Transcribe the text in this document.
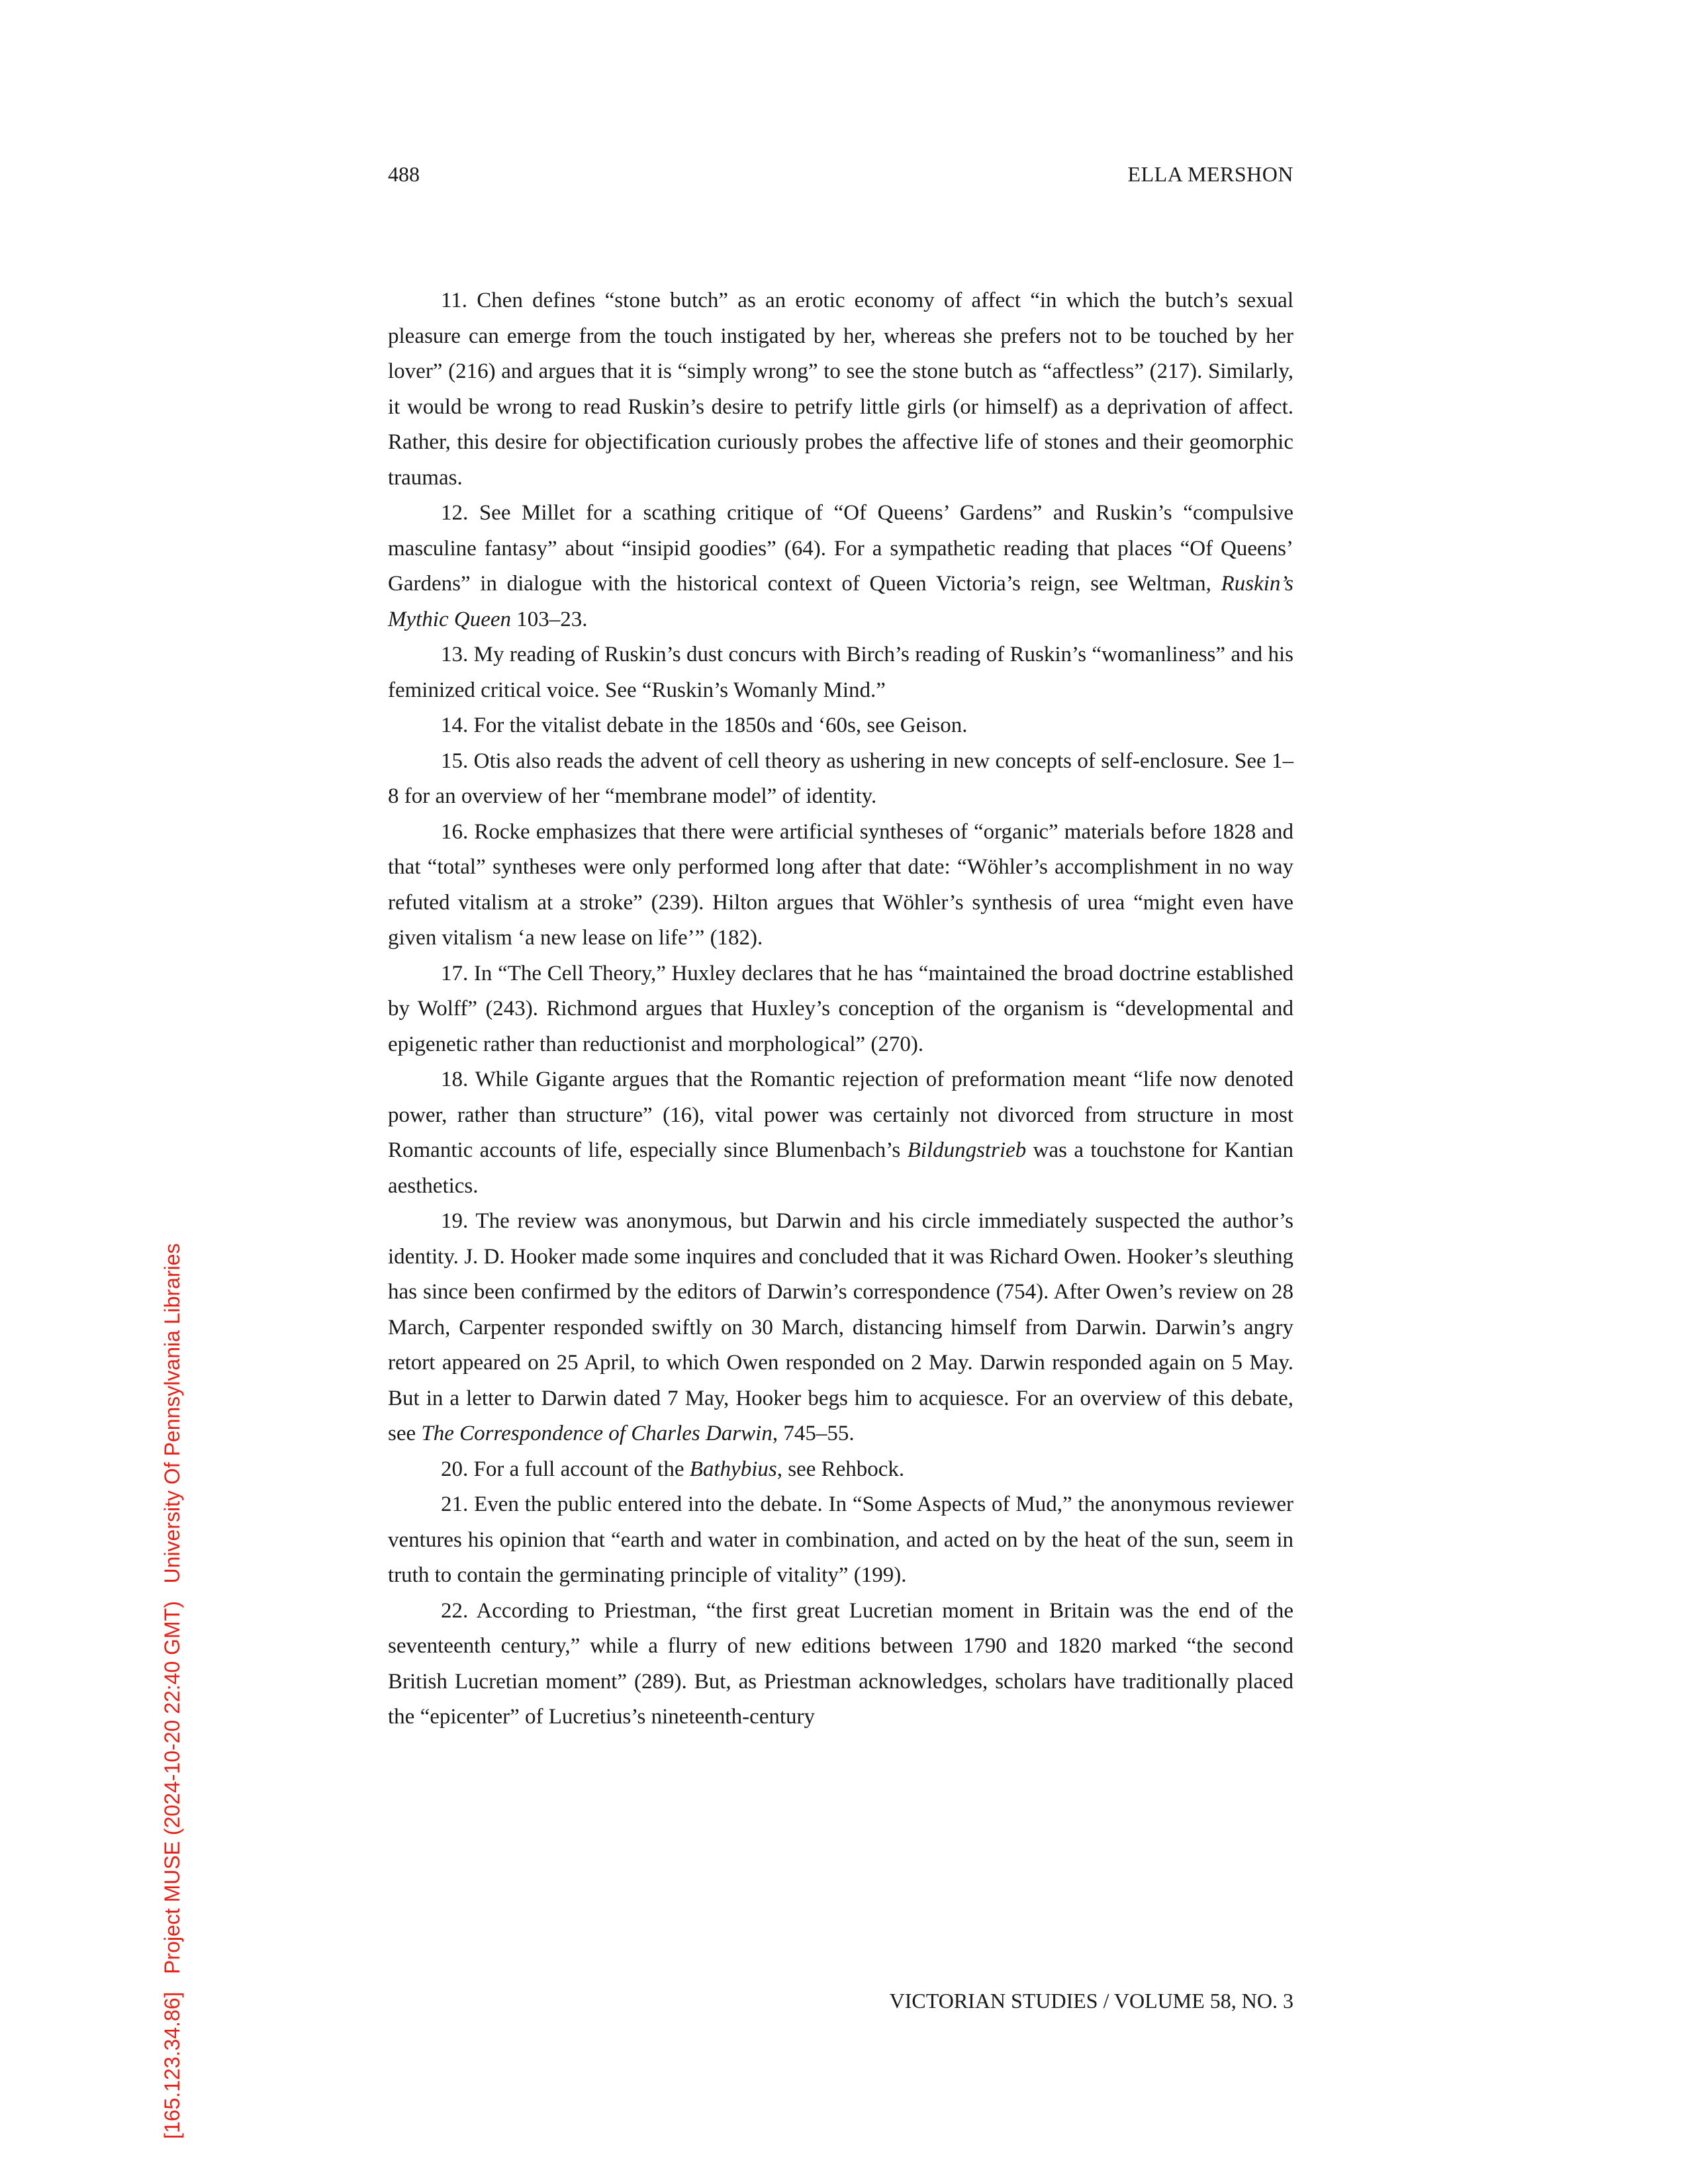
488	ELLA MERSHON

11. Chen defines “stone butch” as an erotic economy of affect “in which the butch’s sexual pleasure can emerge from the touch instigated by her, whereas she prefers not to be touched by her lover” (216) and argues that it is “simply wrong” to see the stone butch as “affectless” (217). Similarly, it would be wrong to read Ruskin’s desire to petrify little girls (or himself) as a deprivation of affect. Rather, this desire for objectification curiously probes the affective life of stones and their geomorphic traumas.

12. See Millet for a scathing critique of “Of Queens’ Gardens” and Ruskin’s “compulsive masculine fantasy” about “insipid goodies” (64). For a sympathetic reading that places “Of Queens’ Gardens” in dialogue with the historical context of Queen Victoria’s reign, see Weltman, Ruskin’s Mythic Queen 103–23.

13. My reading of Ruskin’s dust concurs with Birch’s reading of Ruskin’s “womanliness” and his feminized critical voice. See “Ruskin’s Womanly Mind.”

14. For the vitalist debate in the 1850s and ‘60s, see Geison.

15. Otis also reads the advent of cell theory as ushering in new concepts of self-enclosure. See 1–8 for an overview of her “membrane model” of identity.

16. Rocke emphasizes that there were artificial syntheses of “organic” materials before 1828 and that “total” syntheses were only performed long after that date: “Wöhler’s accomplishment in no way refuted vitalism at a stroke” (239). Hilton argues that Wöhler’s synthesis of urea “might even have given vitalism ‘a new lease on life’” (182).

17. In “The Cell Theory,” Huxley declares that he has “maintained the broad doctrine established by Wolff” (243). Richmond argues that Huxley’s conception of the organism is “developmental and epigenetic rather than reductionist and morphological” (270).

18. While Gigante argues that the Romantic rejection of preformation meant “life now denoted power, rather than structure” (16), vital power was certainly not divorced from structure in most Romantic accounts of life, especially since Blumenbach’s Bildungstrieb was a touchstone for Kantian aesthetics.

19. The review was anonymous, but Darwin and his circle immediately suspected the author’s identity. J. D. Hooker made some inquires and concluded that it was Richard Owen. Hooker’s sleuthing has since been confirmed by the editors of Darwin’s correspondence (754). After Owen’s review on 28 March, Carpenter responded swiftly on 30 March, distancing himself from Darwin. Darwin’s angry retort appeared on 25 April, to which Owen responded on 2 May. Darwin responded again on 5 May. But in a letter to Darwin dated 7 May, Hooker begs him to acquiesce. For an overview of this debate, see The Correspondence of Charles Darwin, 745–55.

20. For a full account of the Bathybius, see Rehbock.

21. Even the public entered into the debate. In “Some Aspects of Mud,” the anonymous reviewer ventures his opinion that “earth and water in combination, and acted on by the heat of the sun, seem in truth to contain the germinating principle of vitality” (199).

22. According to Priestman, “the first great Lucretian moment in Britain was the end of the seventeenth century,” while a flurry of new editions between 1790 and 1820 marked “the second British Lucretian moment” (289). But, as Priestman acknowledges, scholars have traditionally placed the “epicenter” of Lucretius’s nineteenth-century

VICTORIAN STUDIES / VOLUME 58, NO. 3
[165.123.34.86]   Project MUSE (2024-10-20 22:40 GMT)   University Of Pennsylvania Libraries
